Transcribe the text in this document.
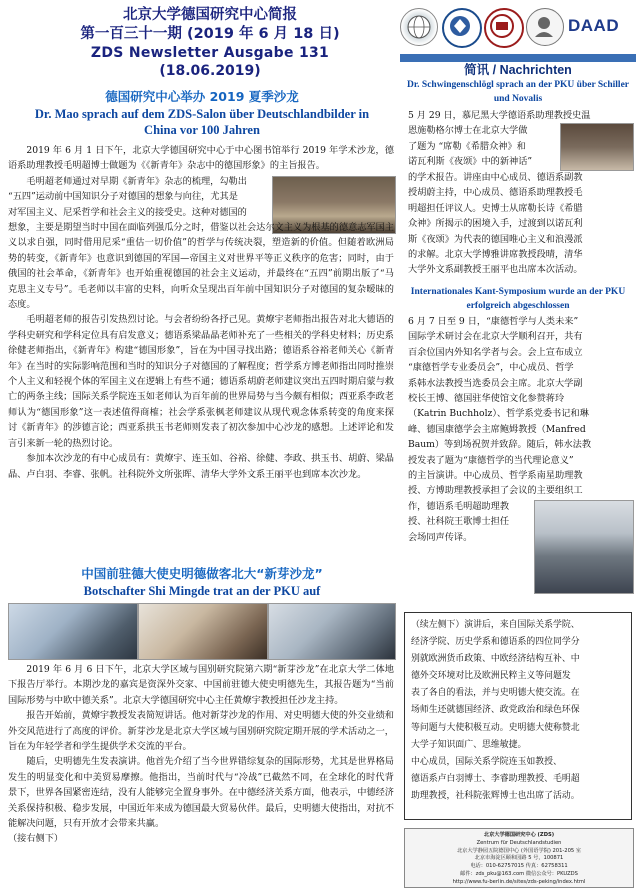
北京大学德国研究中心简报
第一百三十一期 (2019 年 6 月 18 日)
ZDS Newsletter Ausgabe 131
(18.06.2019)
DAAD
简讯 / Nachrichten
Dr. Schwingenschlögl sprach an der PKU über Schiller und Novalis
5 月 29 日，慕尼黑大学德语系助理教授史温
恩施勒格尔博士在北京大学做
了题为 “席勒《希腊众神》和
诺瓦利斯《夜颂》中的新神话”
的学术报告。讲座由中心成员、德语系副教
授胡蔚主持，中心成员、德语系助理教授毛
明超担任评议人。史博士从席勒长诗《希腊
众神》所揭示的困境入手，过渡到以诺瓦利
斯《夜颂》为代表的德国唯心主义和浪漫派
的求解。北京大学博雅讲席教授段晴，清华
大学外文系副教授王丽平也出席本次活动。
Internationales Kant-Symposium wurde an der PKU erfolgreich abgeschlossen
6 月 7 日至 9 日，“康德哲学与人类未来”
国际学术研讨会在北京大学顺利召开，共有
百余位国内外知名学者与会。会上宣布成立
“康德哲学专业委员会”，中心成员、哲学
系韩水法教授当选委员会主席。北京大学副
校长王博、德国驻华使馆文化参赞蒋玲
（Katrin Buchholz）、哲学系党委书记和琳
峰、德国康德学会主席鲍姆教授（Manfred
Baum）等到场祝贺并致辞。随后，韩水法教
授发表了题为“康德哲学的当代理论意义”
的主旨演讲。中心成员、哲学系南星助理教
授、方博助理教授承担了会议的主要组织工
作，德语系毛明超助理教
授、社科院王歌博士担任
会场同声传译。
（续左侧下）演讲后，来自国际关系学院、
经济学院、历史学系和德语系的四位同学分
别就欧洲货币政策、中欧经济结构互补、中
德外交环境对比及欧洲民粹主义等问题发
表了各自的看法，并与史明德大使交流。在
场师生还就德国经济、政党政治和绿色环保
等问题与大使积极互动。史明德大使称赞北
大学子知识面广、思维敏捷。
中心成员，国际关系学院连玉如教授、
德语系卢白羽博士、李睿助理教授、毛明超
助理教授，社科院张辉博士也出席了活动。
北京大学德国研究中心 (ZDS)
Zentrum für Deutschlandstudien
北京大学静园五院德国中心 (外国语学院) 201-205 室
北京市海淀区颐和园路 5 号，100871
电话：010-62757015 传真：62758311
邮件：zds_pku@163.com 微信公众号：PKUZDS
http://www.fu-berlin.de/sites/zds-peking/index.html
德国研究中心举办 2019 夏季沙龙
Dr. Mao sprach auf dem ZDS-Salon über Deutschlandbilder in China vor 100 Jahren

2019 年 6 月 1 日下午，北京大学德国研究中心于中心图书馆举行 2019 年学术沙龙，德语系助理教授毛明超博士做题为《《新青年》杂志中的德国形象》的主旨报告。

毛明超老师通过对早期《新青年》杂志的梳理，勾勒出
“五四”运动前中国知识分子对德国的想象与向往，尤其是
对军国主义、尼采哲学和社会主义的接受史。这种对德国的
想象，主要是期望当时中国在面临列强瓜分之时，借鉴以社会达尔文主义为根基的德意志军国主义以求自强，同时借用尼采“重估一切价值”的哲学与传统决裂，塑造新的价值。但随着欧洲局势的转变，《新青年》也意识到德国的军国—帝国主义对世界平等正义秩序的危害；同时，由于俄国的社会革命，《新青年》也开始重视德国的社会主义运动，并最终在“五四”前期出版了“马克思主义专号”。毛老师以丰富的史料，向听众呈现出百年前中国知识分子对德国的复杂暧昧的态度。

毛明超老师的报告引发热烈讨论。与会者纷纷各抒己见。黄燎宇老师指出报告对北大德语的学科史研究和学科定位具有启发意义；德语系梁晶晶老师补充了一些相关的学科史材料；历史系徐健老师指出，《新青年》构建“德国形象”，旨在为中国寻找出路；德语系谷裕老师关心《新青年》在当时的实际影响范围和当时的知识分子对德国的了解程度；哲学系方博老师指出同时推崇个人主义和轻视个体的军国主义在逻辑上有些不通；德语系胡蔚老师建议突出五四时期启蒙与救亡的两条主线；国际关系学院连玉如老师认为百年前的世界局势与当今颇有相似；西亚系李政老师认为“德国形象”这一表述值得商榷；社会学系张枫老师建议从现代观念体系转变的角度来探讨《新青年》的涉德言论；西亚系拱玉书老师则发表了初次参加中心沙龙的感想。上述评论和发言引来新一轮的热烈讨论。

参加本次沙龙的有中心成员有：黄燎宇、连玉如、谷裕、徐健、李政、拱玉书、胡蔚、梁晶晶、卢白羽、李睿、张帆。社科院外文所张晖、清华大学外文系王丽平也到席本次沙龙。

中国前驻德大使史明德做客北大“新芽沙龙”
Botschafter Shi Mingde trat an der PKU auf

2019 年 6 月 6 日下午，北京大学区域与国别研究院第六期“新芽沙龙”在北京大学二体地下报告厅举行。本期沙龙的嘉宾是资深外交家、中国前驻德大使史明德先生，其报告题为“当前国际形势与中欧中德关系”。北京大学德国研究中心主任黄燎宇教授担任沙龙主持。

报告开始前，黄燎宇教授发表简短讲话。他对新芽沙龙的作用、对史明德大使的外交业绩和外交风范进行了高度的评价。新芽沙龙是北京大学区域与国别研究院定期开展的学术活动之一，旨在为年轻学者和学生提供学术交流的平台。

随后，史明德先生发表演讲。他首先介绍了当今世界错综复杂的国际形势，尤其是世界格局发生的明显变化和中美贸易摩擦。他指出，当前时代与“冷战”已截然不同，在全球化的时代背景下，世界各国紧密连结，没有人能够完全置身事外。在中德经济关系方面，他表示，中德经济关系保持积极、稳步发展，中国近年来成为德国最大贸易伙伴。最后，史明德大使指出，对抗不能解决问题，只有开放才会带来共赢。

（接右侧下）
